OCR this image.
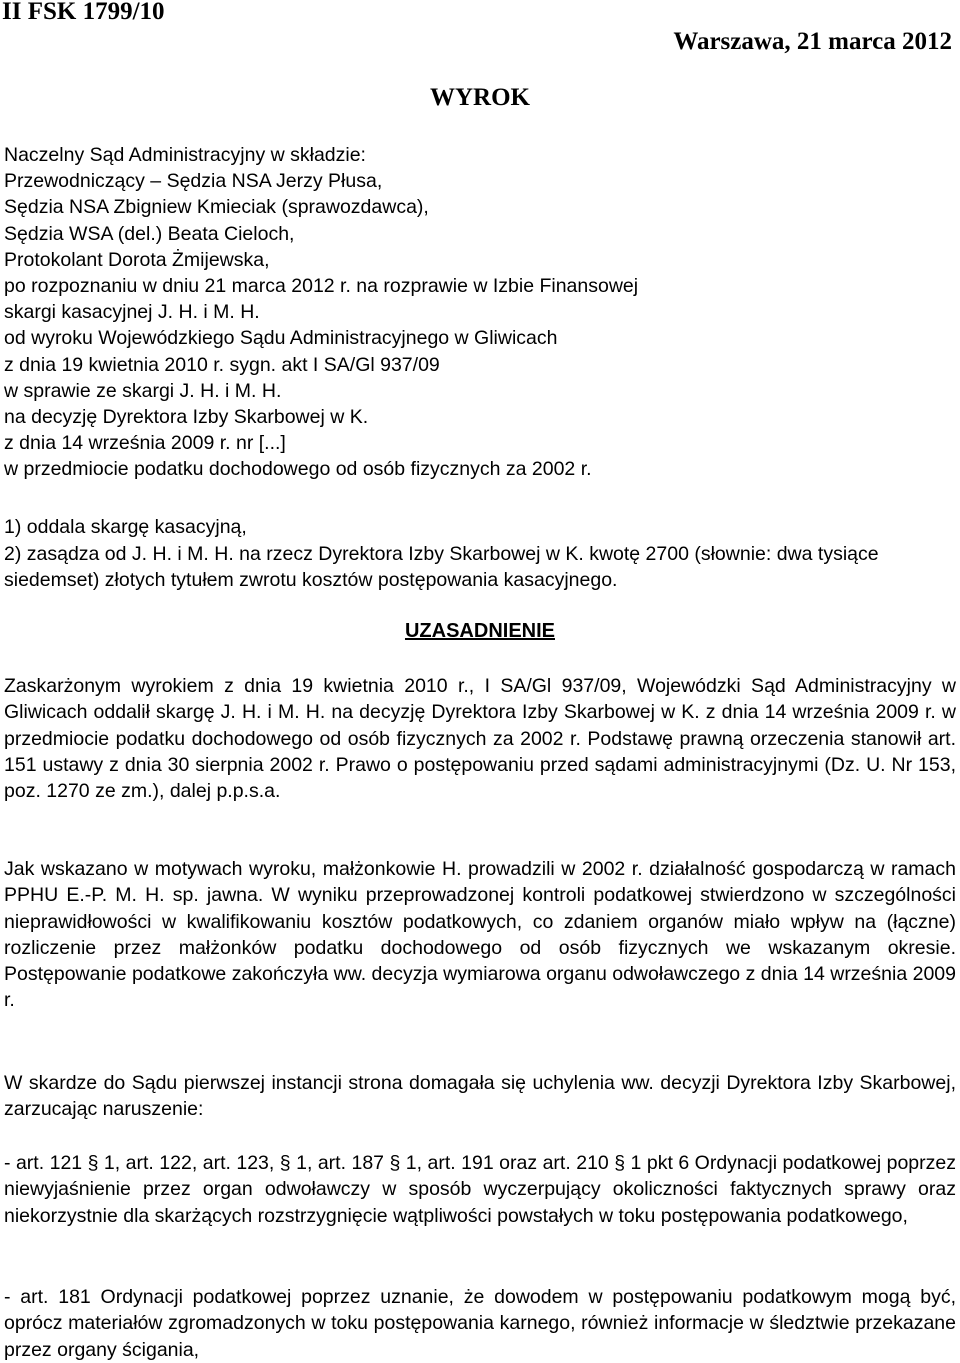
II FSK 1799/10
Warszawa, 21 marca 2012
WYROK
Naczelny Sąd Administracyjny w składzie:
Przewodniczący – Sędzia NSA Jerzy Płusa,
Sędzia NSA Zbigniew Kmieciak (sprawozdawca),
Sędzia WSA (del.) Beata Cieloch,
Protokolant Dorota Żmijewska,
po rozpoznaniu w dniu 21 marca 2012 r. na rozprawie w Izbie Finansowej
skargi kasacyjnej J. H. i M. H.
od wyroku Wojewódzkiego Sądu Administracyjnego w Gliwicach
z dnia 19 kwietnia 2010 r. sygn. akt I SA/Gl 937/09
w sprawie ze skargi J. H. i M. H.
na decyzję Dyrektora Izby Skarbowej w K.
z dnia 14 września 2009 r. nr [...]
w przedmiocie podatku dochodowego od osób fizycznych za 2002 r.
1) oddala skargę kasacyjną,
2) zasądza od J. H. i M. H. na rzecz Dyrektora Izby Skarbowej w K. kwotę 2700 (słownie: dwa tysiące siedemset) złotych tytułem zwrotu kosztów postępowania kasacyjnego.
UZASADNIENIE
Zaskarżonym wyrokiem z dnia 19 kwietnia 2010 r., I SA/Gl 937/09, Wojewódzki Sąd Administracyjny w Gliwicach oddalił skargę J. H. i M. H. na decyzję Dyrektora Izby Skarbowej w K. z dnia 14 września 2009 r. w przedmiocie podatku dochodowego od osób fizycznych za 2002 r. Podstawę prawną orzeczenia stanowił art. 151 ustawy z dnia 30 sierpnia 2002 r. Prawo o postępowaniu przed sądami administracyjnymi (Dz. U. Nr 153, poz. 1270 ze zm.), dalej p.p.s.a.
Jak wskazano w motywach wyroku, małżonkowie H. prowadzili w 2002 r. działalność gospodarczą w ramach PPHU E.-P. M. H. sp. jawna. W wyniku przeprowadzonej kontroli podatkowej stwierdzono w szczególności nieprawidłowości w kwalifikowaniu kosztów podatkowych, co zdaniem organów miało wpływ na (łączne) rozliczenie przez małżonków podatku dochodowego od osób fizycznych we wskazanym okresie. Postępowanie podatkowe zakończyła ww. decyzja wymiarowa organu odwoławczego z dnia 14 września 2009 r.
W skardze do Sądu pierwszej instancji strona domagała się uchylenia ww. decyzji Dyrektora Izby Skarbowej, zarzucając naruszenie:
- art. 121 § 1, art. 122, art. 123, § 1, art. 187 § 1, art. 191 oraz art. 210 § 1 pkt 6 Ordynacji podatkowej poprzez niewyjaśnienie przez organ odwoławczy w sposób wyczerpujący okoliczności faktycznych sprawy oraz niekorzystnie dla skarżących rozstrzygnięcie wątpliwości powstałych w toku postępowania podatkowego,
- art. 181 Ordynacji podatkowej poprzez uznanie, że dowodem w postępowaniu podatkowym mogą być, oprócz materiałów zgromadzonych w toku postępowania karnego, również informacje w śledztwie przekazane przez organy ścigania,
